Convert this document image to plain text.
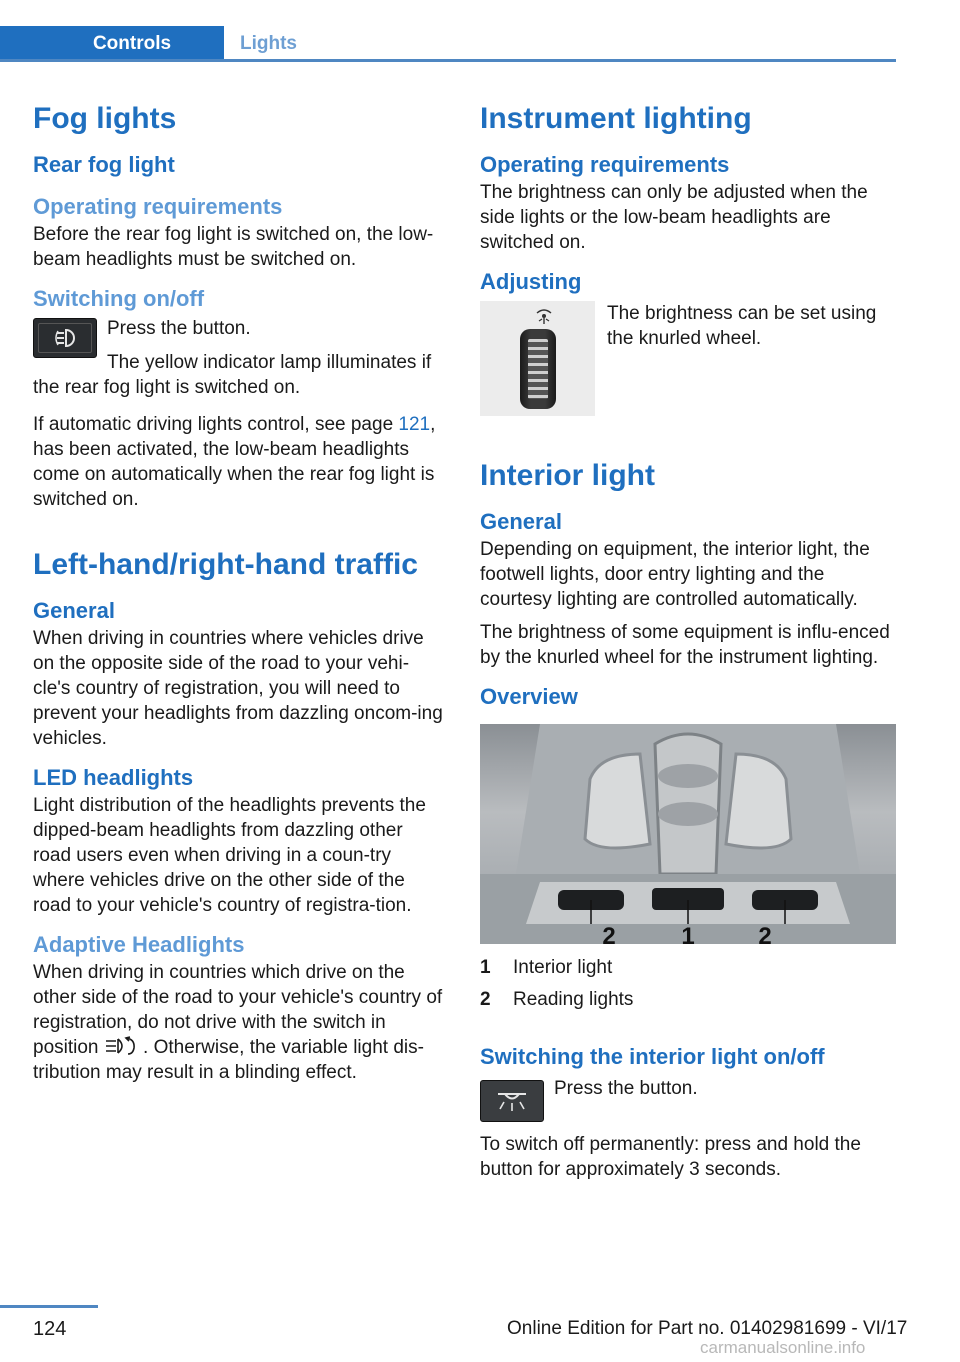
Controls	Lights
Fog lights
Rear fog light
Operating requirements

Before the rear fog light is switched on, the low-beam headlights must be switched on.

Switching on/off

Press the button.

The yellow indicator lamp illuminates if the rear fog light is switched on.

If automatic driving lights control, see page 121, has been activated, the low-beam headlights come on automatically when the rear fog light is switched on.

Left-hand/right-hand traffic
General

When driving in countries where vehicles drive on the opposite side of the road to your vehi-cle's country of registration, you will need to prevent your headlights from dazzling oncom-ing vehicles.

LED headlights

Light distribution of the headlights prevents the dipped-beam headlights from dazzling other road users even when driving in a coun-try where vehicles drive on the other side of the road to your vehicle's country of registra-tion.

Adaptive Headlights

When driving in countries which drive on the other side of the road to your vehicle's country of registration, do not drive with the switch in position  . Otherwise, the variable light dis-tribution may result in a blinding effect.

Instrument lighting
Operating requirements

The brightness can only be adjusted when the side lights or the low-beam headlights are switched on.

Adjusting

The brightness can be set using the knurled wheel.

Interior light
General

Depending on equipment, the interior light, the footwell lights, door entry lighting and the courtesy lighting are controlled automatically.

The brightness of some equipment is influ-enced by the knurled wheel for the instrument lighting.

Overview
2	1	2
1	Interior light
2	Reading lights
Switching the interior light on/off

Press the button.

To switch off permanently: press and hold the button for approximately 3 seconds.

124	Online Edition for Part no. 01402981699 - VI/17
carmanualsonline.info
